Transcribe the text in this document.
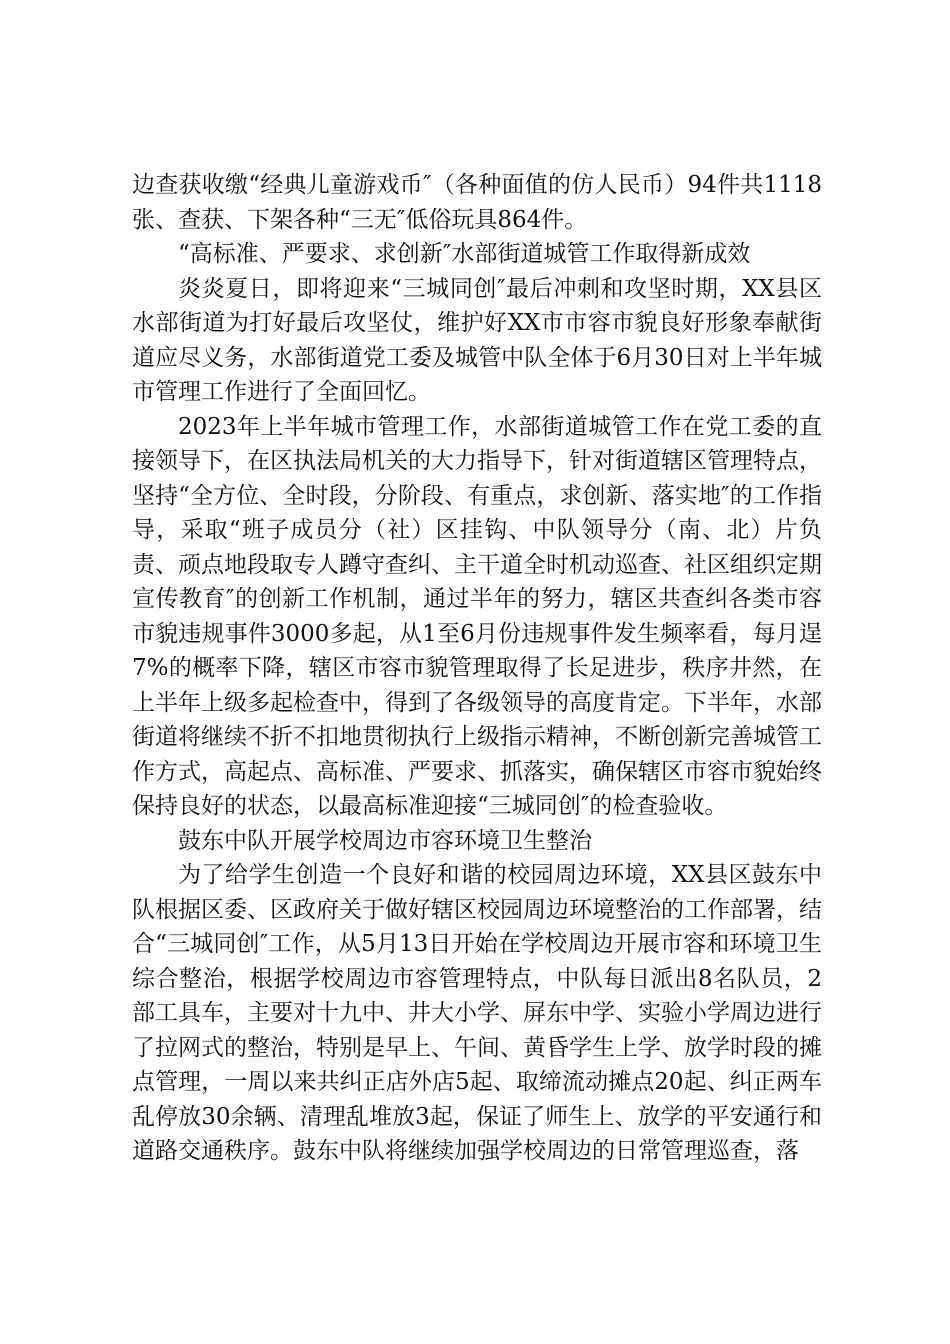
边查获收缴“经典儿童游戏币″（各种面值的仿人民币）94件共1118张、查获、下架各种“三无″低俗玩具864件。

“高标准、严要求、求创新″水部街道城管工作取得新成效

炎炎夏日，即将迎来“三城同创″最后冲刺和攻坚时期，XX县区水部街道为打好最后攻坚仗，维护好XX市市容市貌良好形象奉献街道应尽义务，水部街道党工委及城管中队全体于6月30日对上半年城市管理工作进行了全面回忆。

2023年上半年城市管理工作，水部街道城管工作在党工委的直接领导下，在区执法局机关的大力指导下，针对街道辖区管理特点，坚持“全方位、全时段，分阶段、有重点，求创新、落实地″的工作指导，采取“班子成员分（社）区挂钩、中队领导分（南、北）片负责、顽点地段取专人蹲守查纠、主干道全时机动巡查、社区组织定期宣传教育″的创新工作机制，通过半年的努力，辖区共查纠各类市容市貌违规事件3000多起，从1至6月份违规事件发生频率看，每月逞7%的概率下降，辖区市容市貌管理取得了长足进步，秩序井然，在上半年上级多起检查中，得到了各级领导的高度肯定。下半年，水部街道将继续不折不扣地贯彻执行上级指示精神，不断创新完善城管工作方式，高起点、高标准、严要求、抓落实，确保辖区市容市貌始终保持良好的状态，以最高标准迎接“三城同创″的检查验收。

鼓东中队开展学校周边市容环境卫生整治

为了给学生创造一个良好和谐的校园周边环境，XX县区鼓东中队根据区委、区政府关于做好辖区校园周边环境整治的工作部署，结合“三城同创″工作，从5月13日开始在学校周边开展市容和环境卫生综合整治，根据学校周边市容管理特点，中队每日派出8名队员，2部工具车，主要对十九中、井大小学、屏东中学、实验小学周边进行了拉网式的整治，特别是早上、午间、黄昏学生上学、放学时段的摊点管理，一周以来共纠正店外店5起、取缔流动摊点20起、纠正两车乱停放30余辆、清理乱堆放3起，保证了师生上、放学的平安通行和道路交通秩序。鼓东中队将继续加强学校周边的日常管理巡查，落
